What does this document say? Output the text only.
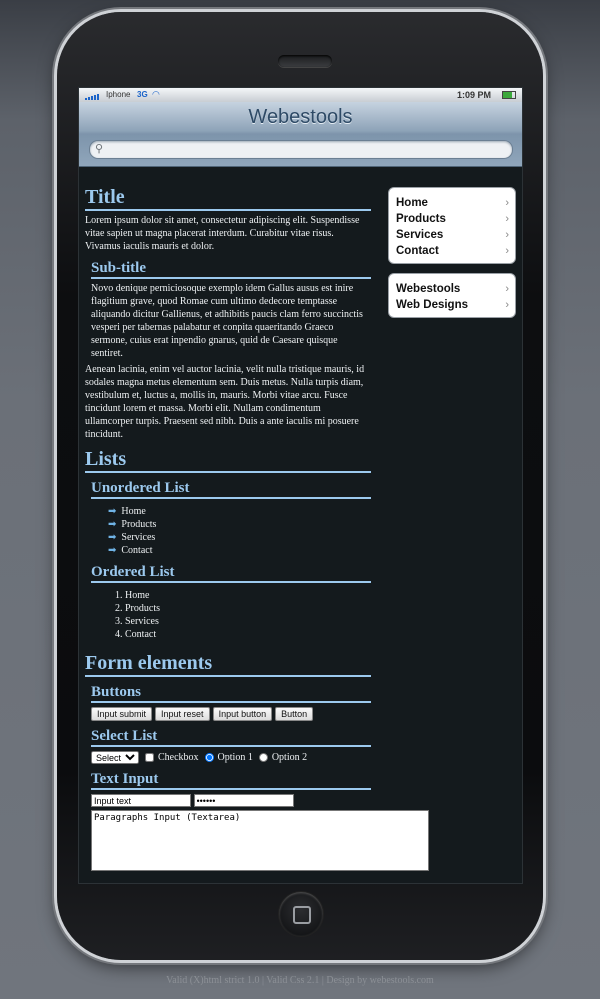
Iphone 3G ◠	1:09 PM
Webestools
⚲
Title

Lorem ipsum dolor sit amet, consectetur adipiscing elit. Suspendisse vitae sapien ut magna placerat interdum. Curabitur vitae risus. Vivamus iaculis mauris et dolor.

Sub-title

Novo denique perniciosoque exemplo idem Gallus ausus est inire flagitium grave, quod Romae cum ultimo dedecore temptasse aliquando dicitur Gallienus, et adhibitis paucis clam ferro succinctis vesperi per tabernas palabatur et conpita quaeritando Graeco sermone, cuius erat inpendio gnarus, quid de Caesare quisque sentiret.

Aenean lacinia, enim vel auctor lacinia, velit nulla tristique mauris, id sodales magna metus elementum sem. Duis metus. Nulla turpis diam, vestibulum et, luctus a, mollis in, mauris. Morbi vitae arcu. Fusce tincidunt lorem et massa. Morbi elit. Nullam condimentum ullamcorper turpis. Praesent sed nibh. Duis a ante iaculis mi posuere tincidunt.

Lists
Unordered List
➡ Home
➡ Products
➡ Services
➡ Contact
Ordered List
1. Home
2. Products
3. Services
4. Contact
Form elements
Buttons
Input submit Input reset Input button Button
Select List
Select
Checkbox Option 1 Option 2
Text Input
Input text ••••••
Paragraphs Input (Textarea)
Home	›
Products	›
Services	›
Contact	›
Webestools	›
Web Designs	›
Valid (X)html strict 1.0 | Valid Css 2.1 | Design by webestools.com
